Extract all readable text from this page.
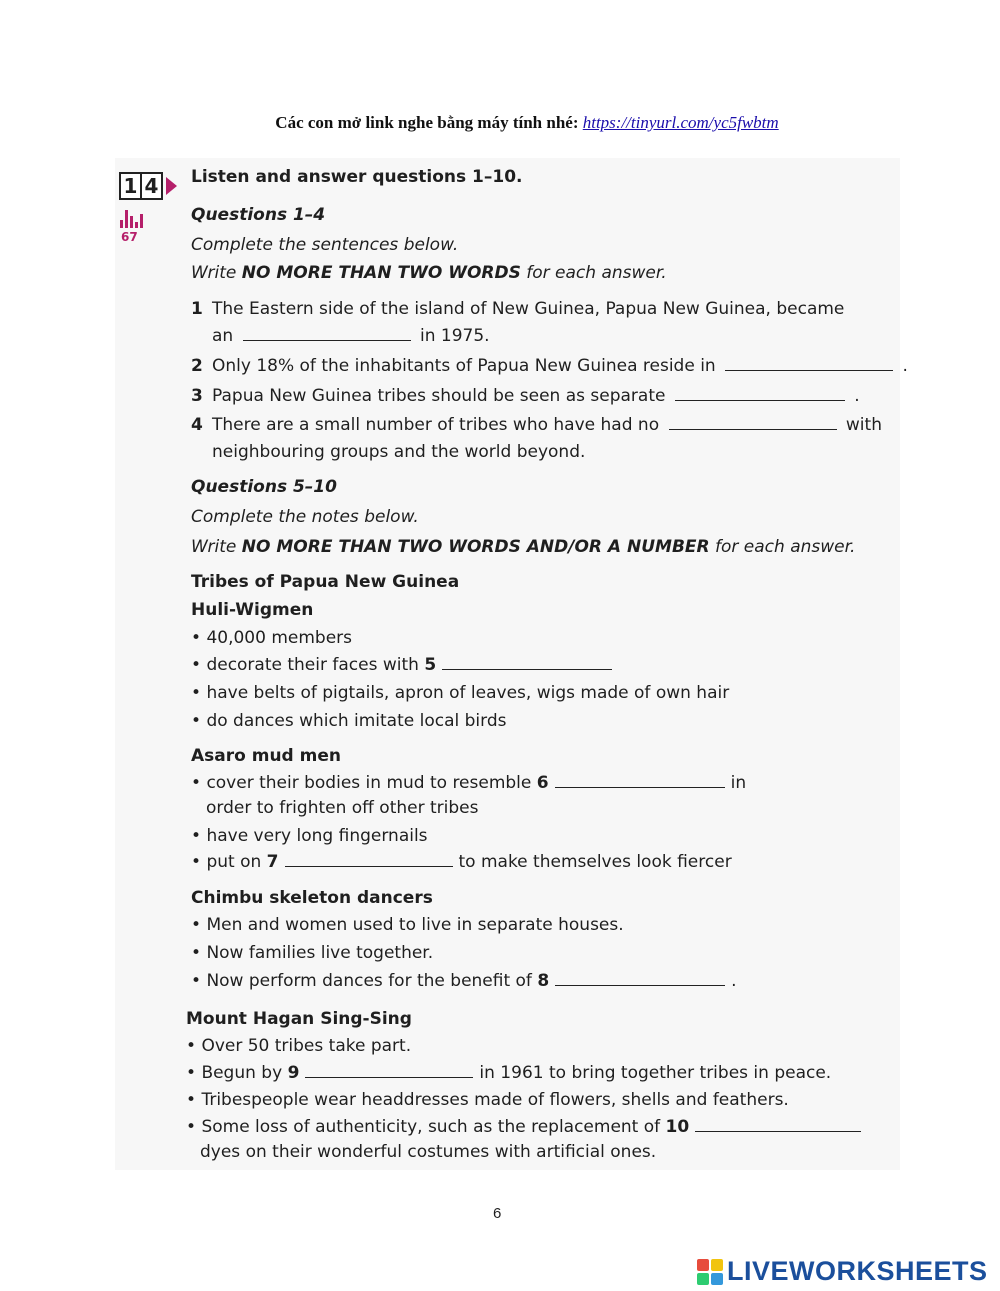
Các con mở link nghe bằng máy tính nhé: https://tinyurl.com/yc5fwbtm
1 4
67
Listen and answer questions 1–10.
Questions 1–4
Complete the sentences below.
Write NO MORE THAN TWO WORDS for each answer.
1 The Eastern side of the island of New Guinea, Papua New Guinea, became
an	in 1975.
2 Only 18% of the inhabitants of Papua New Guinea reside in	.
3 Papua New Guinea tribes should be seen as separate	.
4 There are a small number of tribes who have had no	with
neighbouring groups and the world beyond.
Questions 5–10
Complete the notes below.
Write NO MORE THAN TWO WORDS AND/OR A NUMBER for each answer.
Tribes of Papua New Guinea
Huli-Wigmen
• 40,000 members
• decorate their faces with 5
• have belts of pigtails, apron of leaves, wigs made of own hair
• do dances which imitate local birds
Asaro mud men
• cover their bodies in mud to resemble 6	in
order to frighten off other tribes
• have very long fingernails
• put on 7	to make themselves look fiercer
Chimbu skeleton dancers
• Men and women used to live in separate houses.
• Now families live together.
• Now perform dances for the benefit of 8	.
Mount Hagan Sing-Sing
• Over 50 tribes take part.
• Begun by 9	in 1961 to bring together tribes in peace.
• Tribespeople wear headdresses made of flowers, shells and feathers.
• Some loss of authenticity, such as the replacement of 10
dyes on their wonderful costumes with artificial ones.
6
LIVEWORKSHEETS
